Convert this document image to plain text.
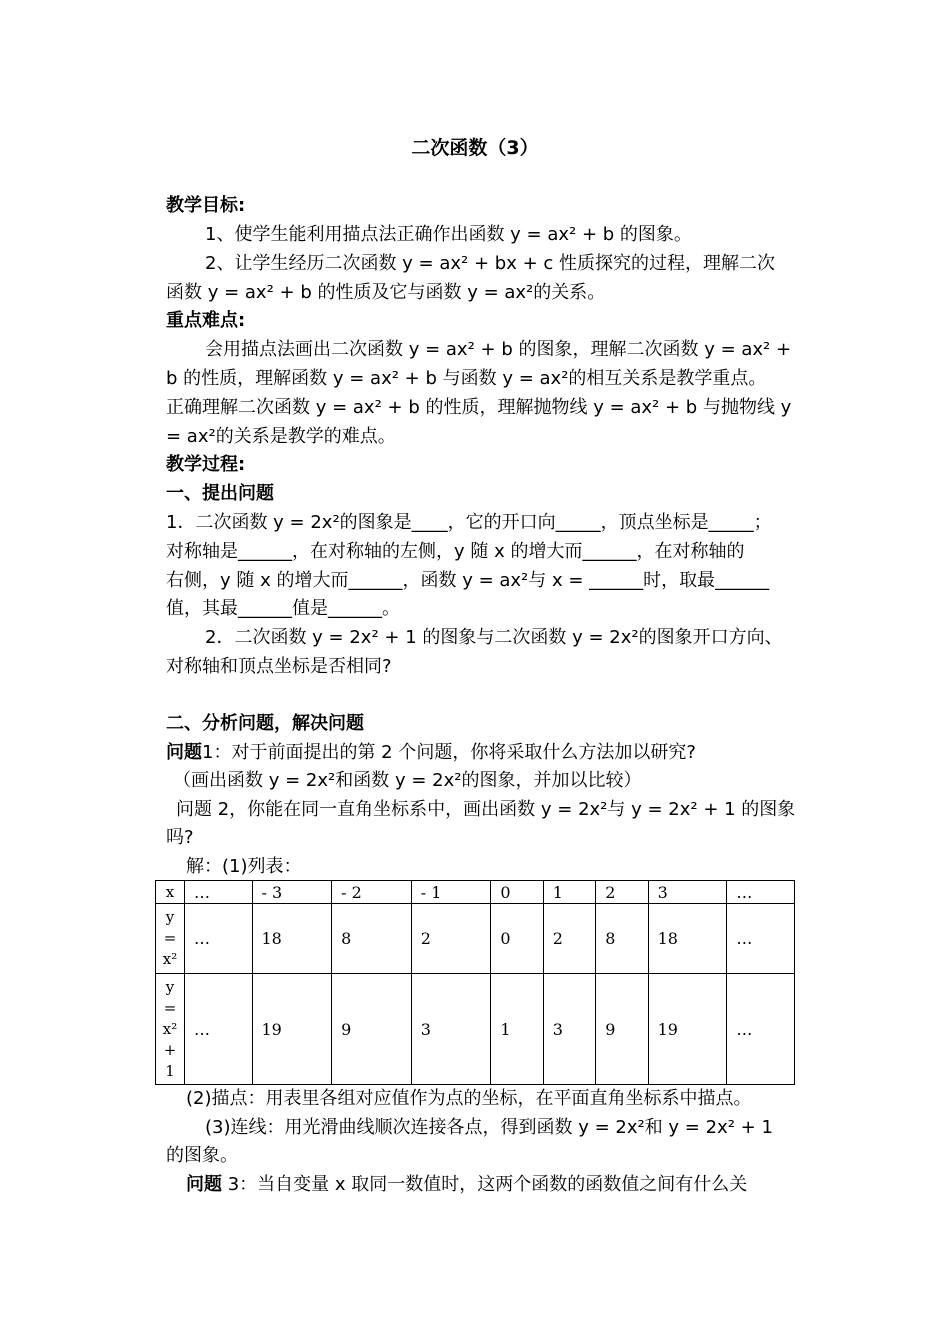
二次函数（3）
教学目标:
1、使学生能利用描点法正确作出函数 y = ax² + b 的图象。
2、让学生经历二次函数 y = ax² + bx + c 性质探究的过程，理解二次
函数 y = ax² + b 的性质及它与函数 y = ax²的关系。
重点难点:
会用描点法画出二次函数 y = ax² + b 的图象，理解二次函数 y = ax² +
b 的性质，理解函数 y = ax² + b 与函数 y = ax²的相互关系是教学重点。
正确理解二次函数 y = ax² + b 的性质，理解抛物线 y = ax² + b 与抛物线 y
= ax²的关系是教学的难点。
教学过程:
一、提出问题
1．二次函数 y = 2x²的图象是____，它的开口向_____，顶点坐标是_____；
对称轴是______，在对称轴的左侧，y 随 x 的增大而______，在对称轴的
右侧，y 随 x 的增大而______，函数 y = ax²与 x = ______时，取最______
值，其最______值是______。
2．二次函数 y = 2x² + 1 的图象与二次函数 y = 2x²的图象开口方向、
对称轴和顶点坐标是否相同?
二、分析问题，解决问题
问题1：对于前面提出的第 2 个问题，你将采取什么方法加以研究?
（画出函数 y = 2x²和函数 y = 2x²的图象，并加以比较）
问题 2，你能在同一直角坐标系中，画出函数 y = 2x²与 y = 2x² + 1 的图象
吗?
解：(1)列表：
x	…	- 3	- 2	- 1	0	1	2	3	…

y
=
x²	…	18	8	2	0	2	8	18	…

y
=
x²
+
1	…	19	9	3	1	3	9	19	…
(2)描点：用表里各组对应值作为点的坐标，在平面直角坐标系中描点。
(3)连线：用光滑曲线顺次连接各点，得到函数 y = 2x²和 y = 2x² + 1
的图象。
问题 3：当自变量 x 取同一数值时，这两个函数的函数值之间有什么关
